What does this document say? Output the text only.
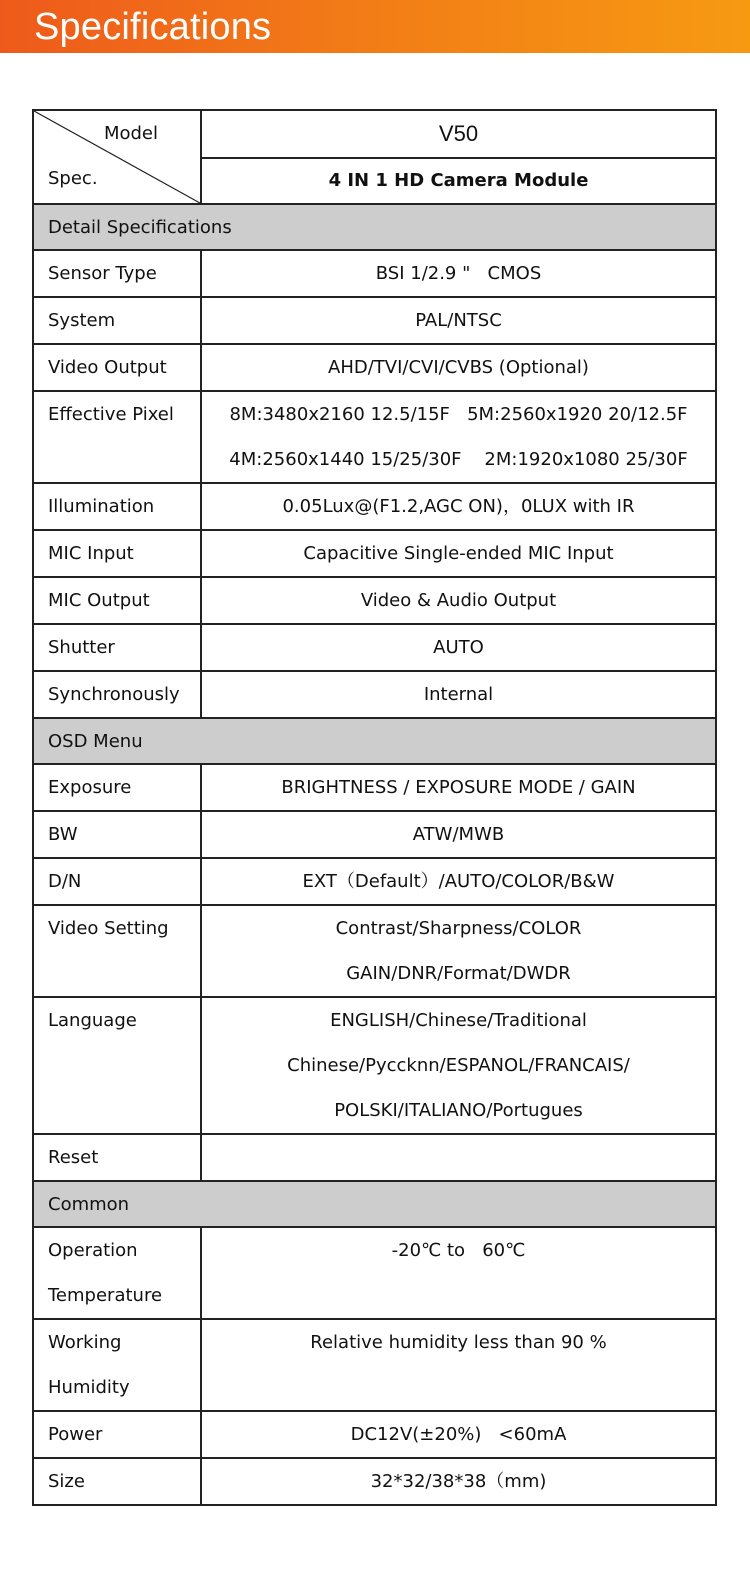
Specifications
Model
Spec.	V50
	4 IN 1 HD Camera Module
Detail Specifications	

Sensor Type	BSI 1/2.9 "   CMOS

System	PAL/NTSC

Video Output	AHD/TVI/CVI/CVBS (Optional)

Effective Pixel	8M:3480x2160 12.5/15F   5M:2560x1920 20/12.5F
4M:2560x1440 15/25/30F    2M:1920x1080 25/30F

Illumination	0.05Lux@(F1.2,AGC ON)，0LUX with IR

MIC Input	Capacitive Single-ended MIC Input

MIC Output	Video & Audio Output

Shutter	AUTO

Synchronously	Internal

OSD Menu	

Exposure	BRIGHTNESS / EXPOSURE MODE / GAIN

BW	ATW/MWB

D/N	EXT（Default）/AUTO/COLOR/B&W

Video Setting	Contrast/Sharpness/COLOR
GAIN/DNR/Format/DWDR

Language	ENGLISH/Chinese/Traditional
Chinese/Pyccknn/ESPANOL/FRANCAIS/
POLSKI/ITALIANO/Portugues

Reset	

Common	

Operation
Temperature	-20℃ to   60℃

Working
Humidity	Relative humidity less than 90 %

Power	DC12V(±20%)   <60mA

Size	32*32/38*38（mm)
